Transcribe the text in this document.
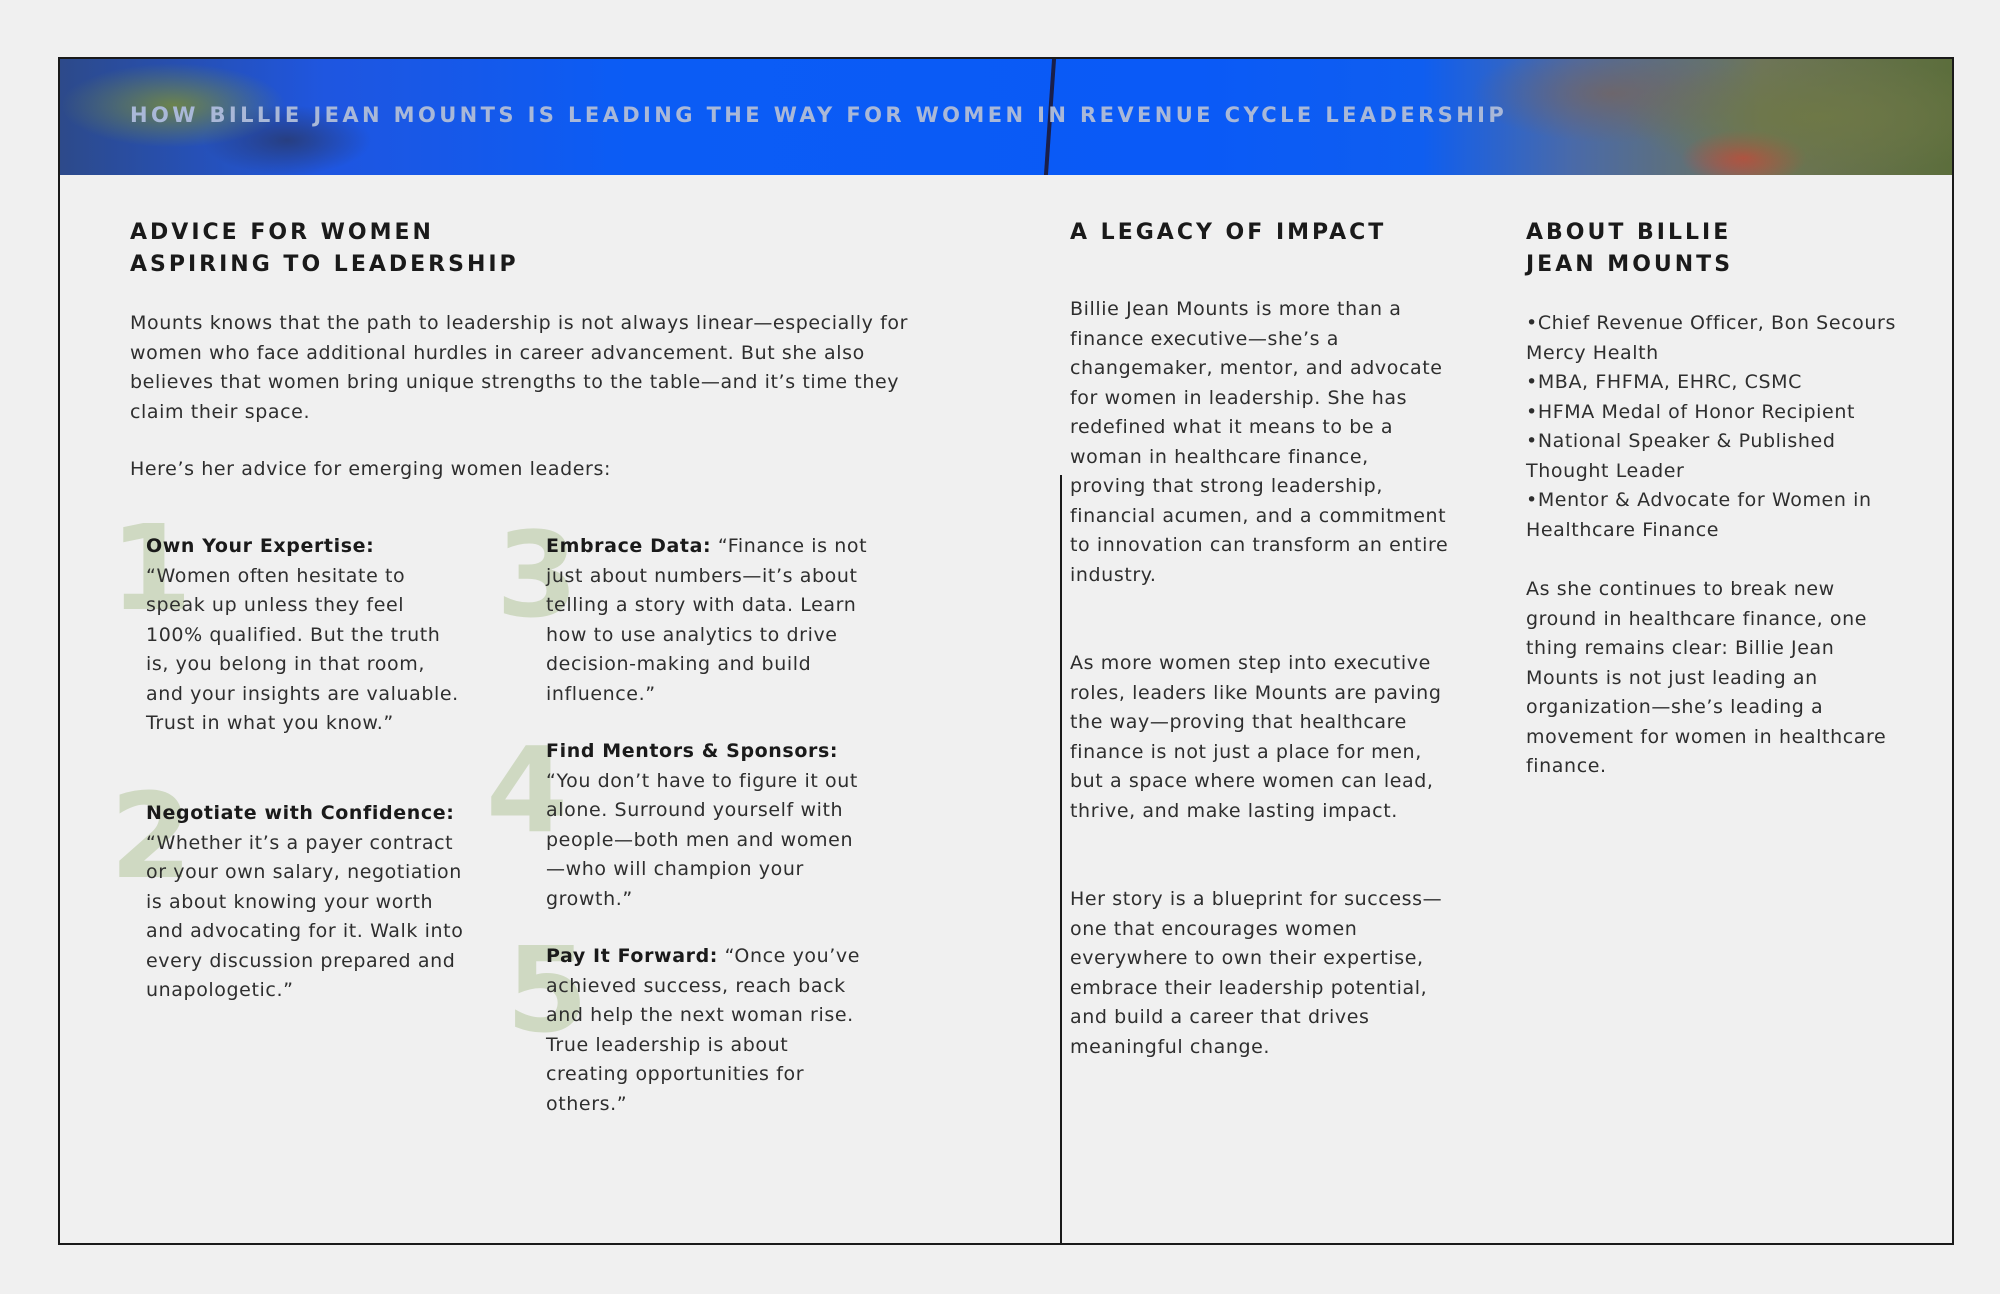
HOW BILLIE JEAN MOUNTS IS LEADING THE WAY FOR WOMEN IN REVENUE CYCLE LEADERSHIP
ADVICE FOR WOMEN
ASPIRING TO LEADERSHIP

Mounts knows that the path to leadership is not always linear—especially for women who face additional hurdles in career advancement. But she also believes that women bring unique strengths to the table—and it’s time they claim their space.

Here’s her advice for emerging women leaders:

1

Own Your Expertise:
“Women often hesitate to speak up unless they feel 100% qualified. But the truth is, you belong in that room, and your insights are valuable. Trust in what you know.”

2

Negotiate with Confidence:
“Whether it’s a payer contract or your own salary, negotiation is about knowing your worth and advocating for it. Walk into every discussion prepared and unapologetic.”

3

Embrace Data: “Finance is not just about numbers—it’s about telling a story with data. Learn how to use analytics to drive decision-making and build influence.”

4

Find Mentors & Sponsors:
“You don’t have to figure it out alone. Surround yourself with people—both men and women —who will champion your growth.”

5

Pay It Forward: “Once you’ve achieved success, reach back and help the next woman rise. True leadership is about creating opportunities for others.”

A LEGACY OF IMPACT

Billie Jean Mounts is more than a finance executive—she’s a changemaker, mentor, and advocate for women in leadership. She has redefined what it means to be a woman in healthcare finance, proving that strong leadership, financial acumen, and a commitment to innovation can transform an entire industry.

As more women step into executive roles, leaders like Mounts are paving the way—proving that healthcare finance is not just a place for men, but a space where women can lead, thrive, and make lasting impact.

Her story is a blueprint for success—one that encourages women everywhere to own their expertise, embrace their leadership potential, and build a career that drives meaningful change.

ABOUT BILLIE
JEAN MOUNTS
• Chief Revenue Officer, Bon Secours Mercy Health
• MBA, FHFMA, EHRC, CSMC
• HFMA Medal of Honor Recipient
• National Speaker & Published Thought Leader
• Mentor & Advocate for Women in Healthcare Finance

As she continues to break new ground in healthcare finance, one thing remains clear: Billie Jean Mounts is not just leading an organization—she’s leading a movement for women in healthcare finance.
